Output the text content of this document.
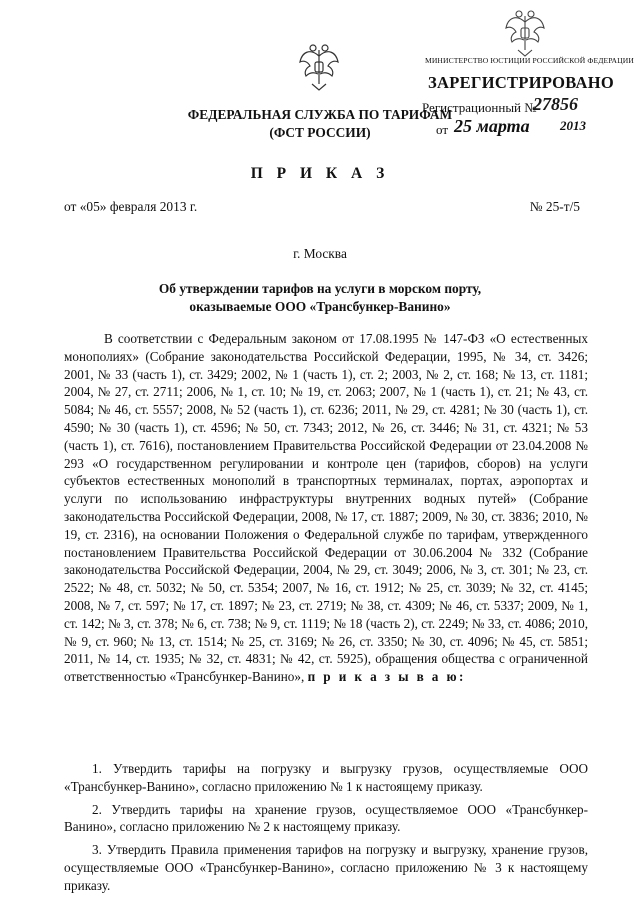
МИНИСТЕРСТВО ЮСТИЦИИ РОССИЙСКОЙ ФЕДЕРАЦИИ
ЗАРЕГИСТРИРОВАНО
Регистрационный №
27856
от 25 марта 2013
ФЕДЕРАЛЬНАЯ СЛУЖБА ПО ТАРИФАМ
(ФСТ РОССИИ)
П Р И К А З
от «05» февраля 2013 г.	№ 25-т/5
г. Москва
Об утверждении тарифов на услуги в морском порту,
оказываемые ООО «Трансбункер-Ванино»

В соответствии с Федеральным законом от 17.08.1995 № 147-ФЗ «О естественных монополиях» (Собрание законодательства Российской Федерации, 1995, № 34, ст. 3426; 2001, № 33 (часть 1), ст. 3429; 2002, № 1 (часть 1), ст. 2; 2003, № 2, ст. 168; № 13, ст. 1181; 2004, № 27, ст. 2711; 2006, № 1, ст. 10; № 19, ст. 2063; 2007, № 1 (часть 1), ст. 21; № 43, ст. 5084; № 46, ст. 5557; 2008, № 52 (часть 1), ст. 6236; 2011, № 29, ст. 4281; № 30 (часть 1), ст. 4590; № 30 (часть 1), ст. 4596; № 50, ст. 7343; 2012, № 26, ст. 3446; № 31, ст. 4321; № 53 (часть 1), ст. 7616), постановлением Правительства Российской Федерации от 23.04.2008 № 293 «О государственном регулировании и контроле цен (тарифов, сборов) на услуги субъектов естественных монополий в транспортных терминалах, портах, аэропортах и услуги по использованию инфраструктуры внутренних водных путей» (Собрание законодательства Российской Федерации, 2008, № 17, ст. 1887; 2009, № 30, ст. 3836; 2010, № 19, ст. 2316), на основании Положения о Федеральной службе по тарифам, утвержденного постановлением Правительства Российской Федерации от 30.06.2004 № 332 (Собрание законодательства Российской Федерации, 2004, № 29, ст. 3049; 2006, № 3, ст. 301; № 23, ст. 2522; № 48, ст. 5032; № 50, ст. 5354; 2007, № 16, ст. 1912; № 25, ст. 3039; № 32, ст. 4145; 2008, № 7, ст. 597; № 17, ст. 1897; № 23, ст. 2719; № 38, ст. 4309; № 46, ст. 5337; 2009, № 1, ст. 142; № 3, ст. 378; № 6, ст. 738; № 9, ст. 1119; № 18 (часть 2), ст. 2249; № 33, ст. 4086; 2010, № 9, ст. 960; № 13, ст. 1514; № 25, ст. 3169; № 26, ст. 3350; № 30, ст. 4096; № 45, ст. 5851; 2011, № 14, ст. 1935; № 32, ст. 4831; № 42, ст. 5925), обращения общества с ограниченной ответственностью «Трансбункер-Ванино», п р и к а з ы в а ю:

1. Утвердить тарифы на погрузку и выгрузку грузов, осуществляемые ООО «Трансбункер-Ванино», согласно приложению № 1 к настоящему приказу.

2. Утвердить тарифы на хранение грузов, осуществляемое ООО «Трансбункер-Ванино», согласно приложению № 2 к настоящему приказу.

3. Утвердить Правила применения тарифов на погрузку и выгрузку, хранение грузов, осуществляемые ООО «Трансбункер-Ванино», согласно приложению № 3 к настоящему приказу.
